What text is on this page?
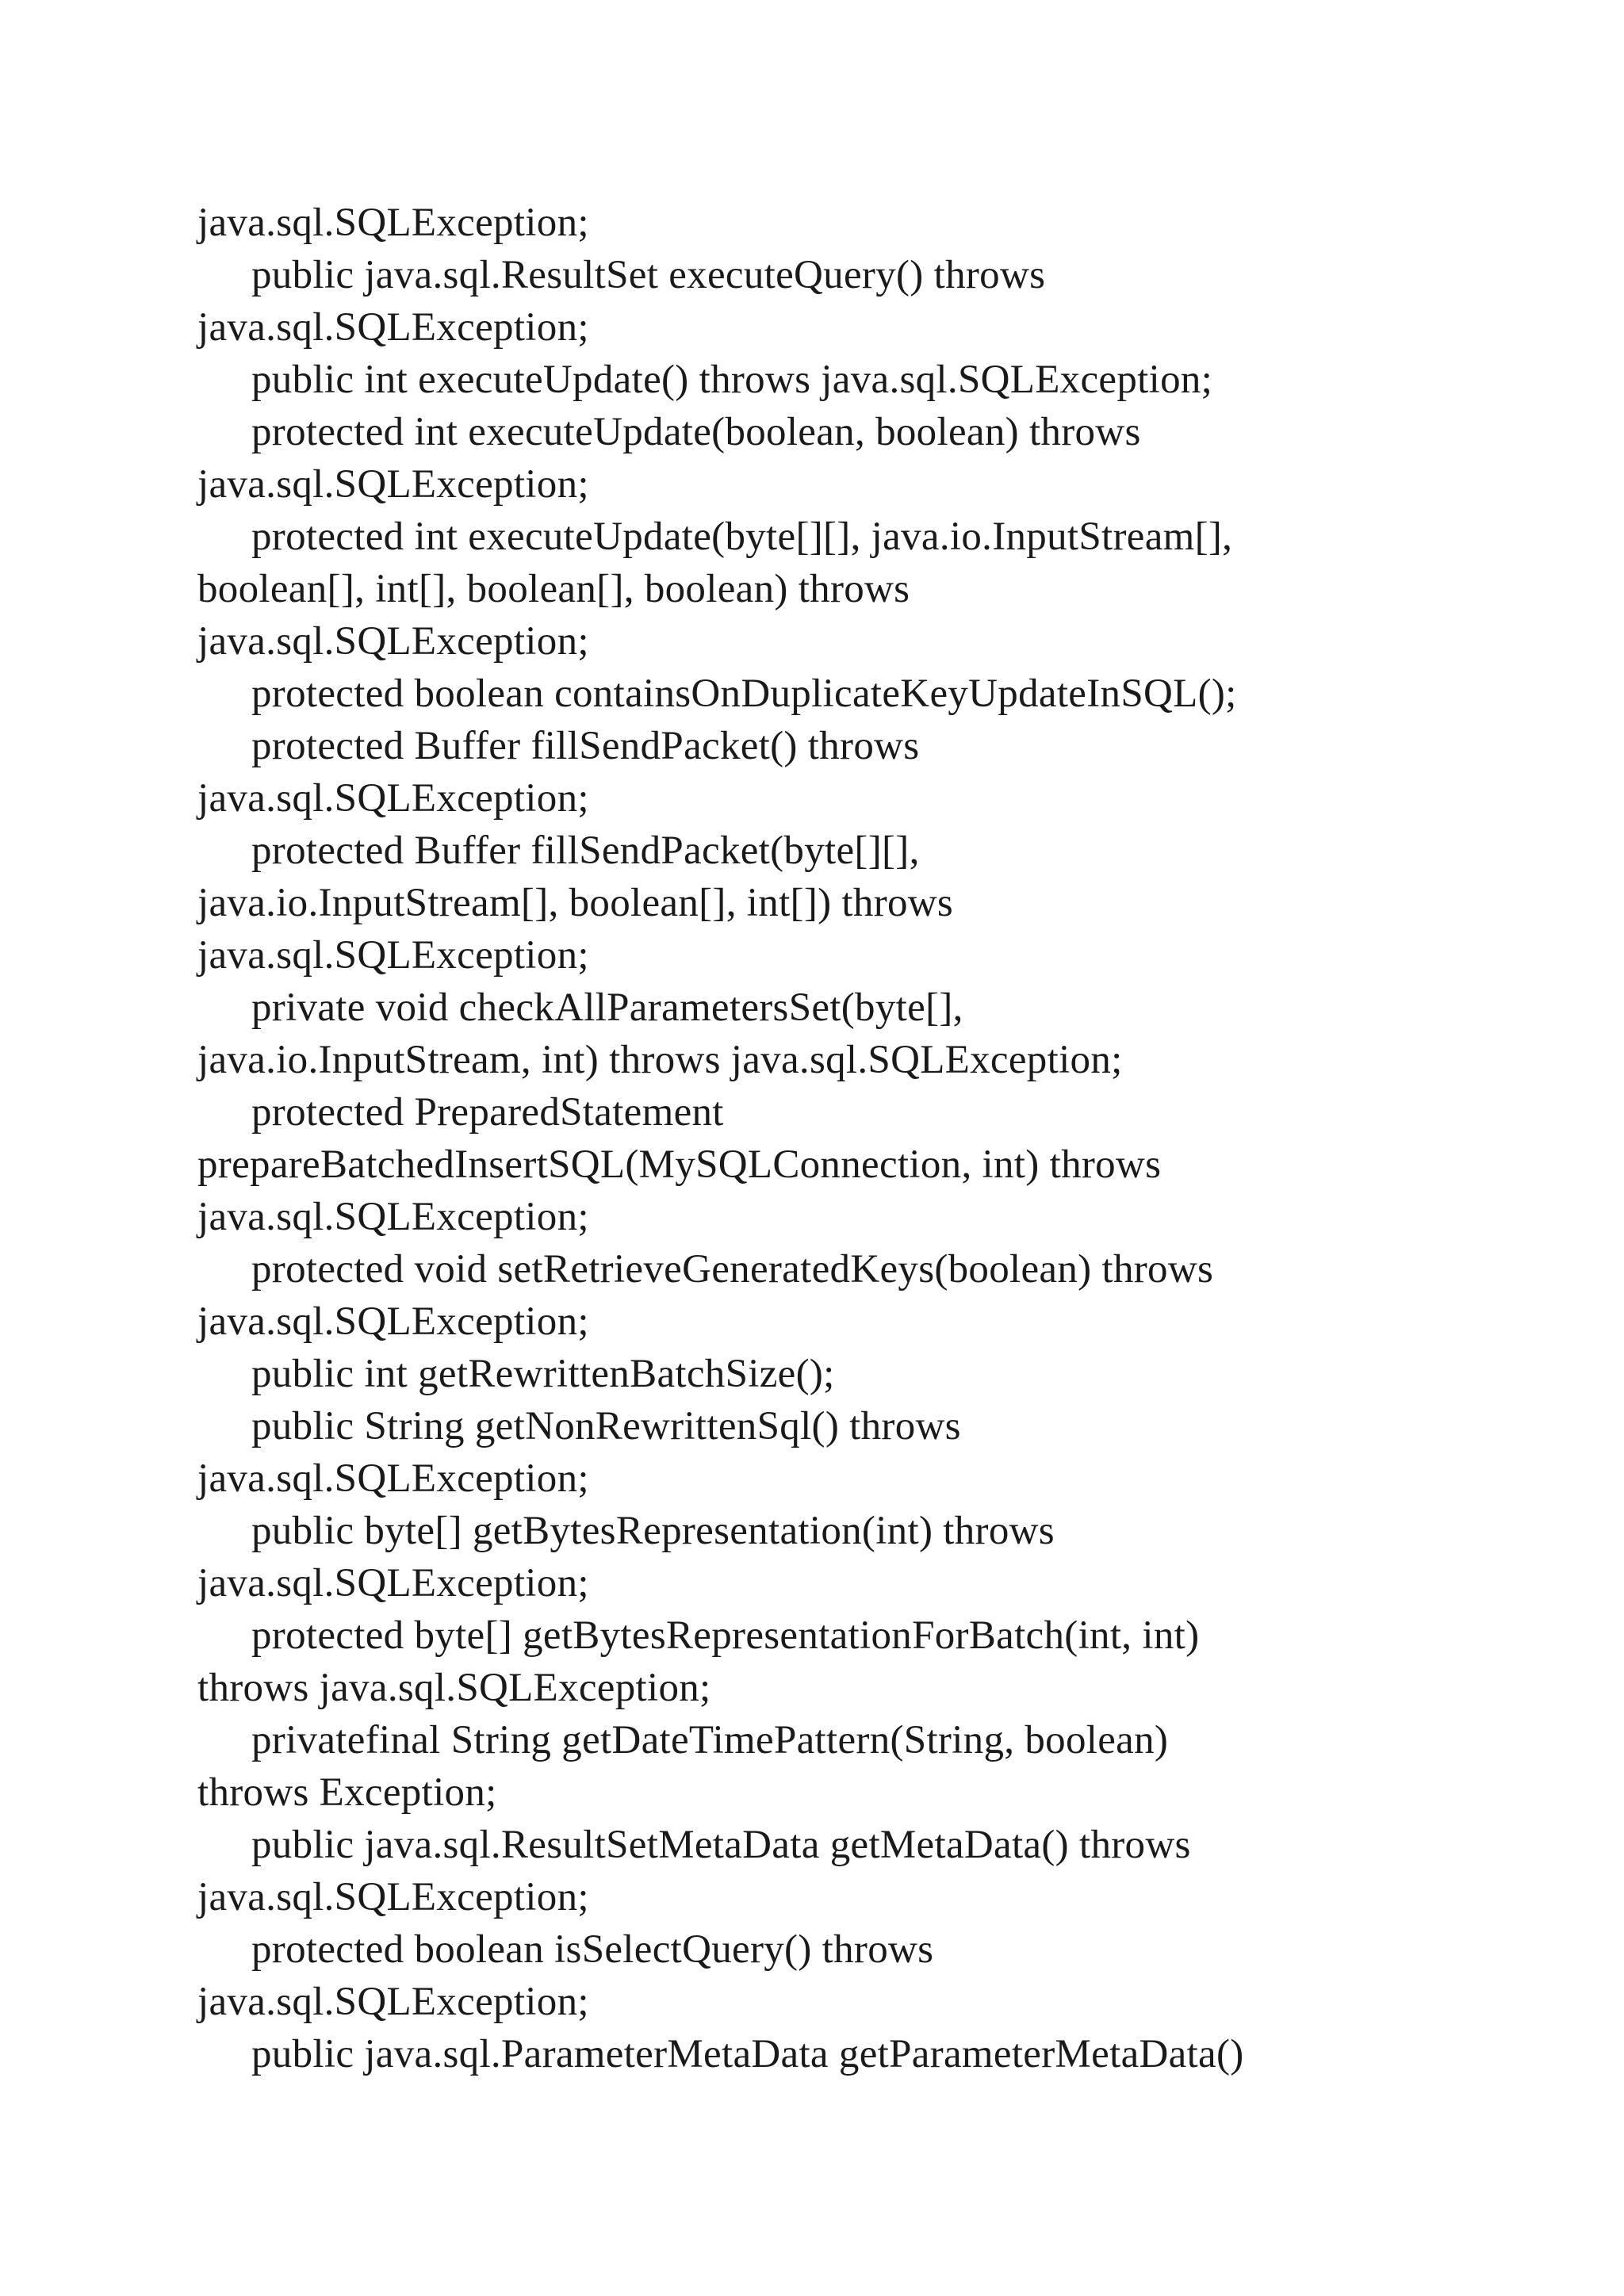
java.sql.SQLException;
public java.sql.ResultSet executeQuery() throws
java.sql.SQLException;
public int executeUpdate() throws java.sql.SQLException;
protected int executeUpdate(boolean, boolean) throws
java.sql.SQLException;
protected int executeUpdate(byte[][], java.io.InputStream[],
boolean[], int[], boolean[], boolean) throws
java.sql.SQLException;
protected boolean containsOnDuplicateKeyUpdateInSQL();
protected Buffer fillSendPacket() throws
java.sql.SQLException;
protected Buffer fillSendPacket(byte[][],
java.io.InputStream[], boolean[], int[]) throws
java.sql.SQLException;
private void checkAllParametersSet(byte[],
java.io.InputStream, int) throws java.sql.SQLException;
protected PreparedStatement
prepareBatchedInsertSQL(MySQLConnection, int) throws
java.sql.SQLException;
protected void setRetrieveGeneratedKeys(boolean) throws
java.sql.SQLException;
public int getRewrittenBatchSize();
public String getNonRewrittenSql() throws
java.sql.SQLException;
public byte[] getBytesRepresentation(int) throws
java.sql.SQLException;
protected byte[] getBytesRepresentationForBatch(int, int)
throws java.sql.SQLException;
privatefinal String getDateTimePattern(String, boolean)
throws Exception;
public java.sql.ResultSetMetaData getMetaData() throws
java.sql.SQLException;
protected boolean isSelectQuery() throws
java.sql.SQLException;
public java.sql.ParameterMetaData getParameterMetaData()
